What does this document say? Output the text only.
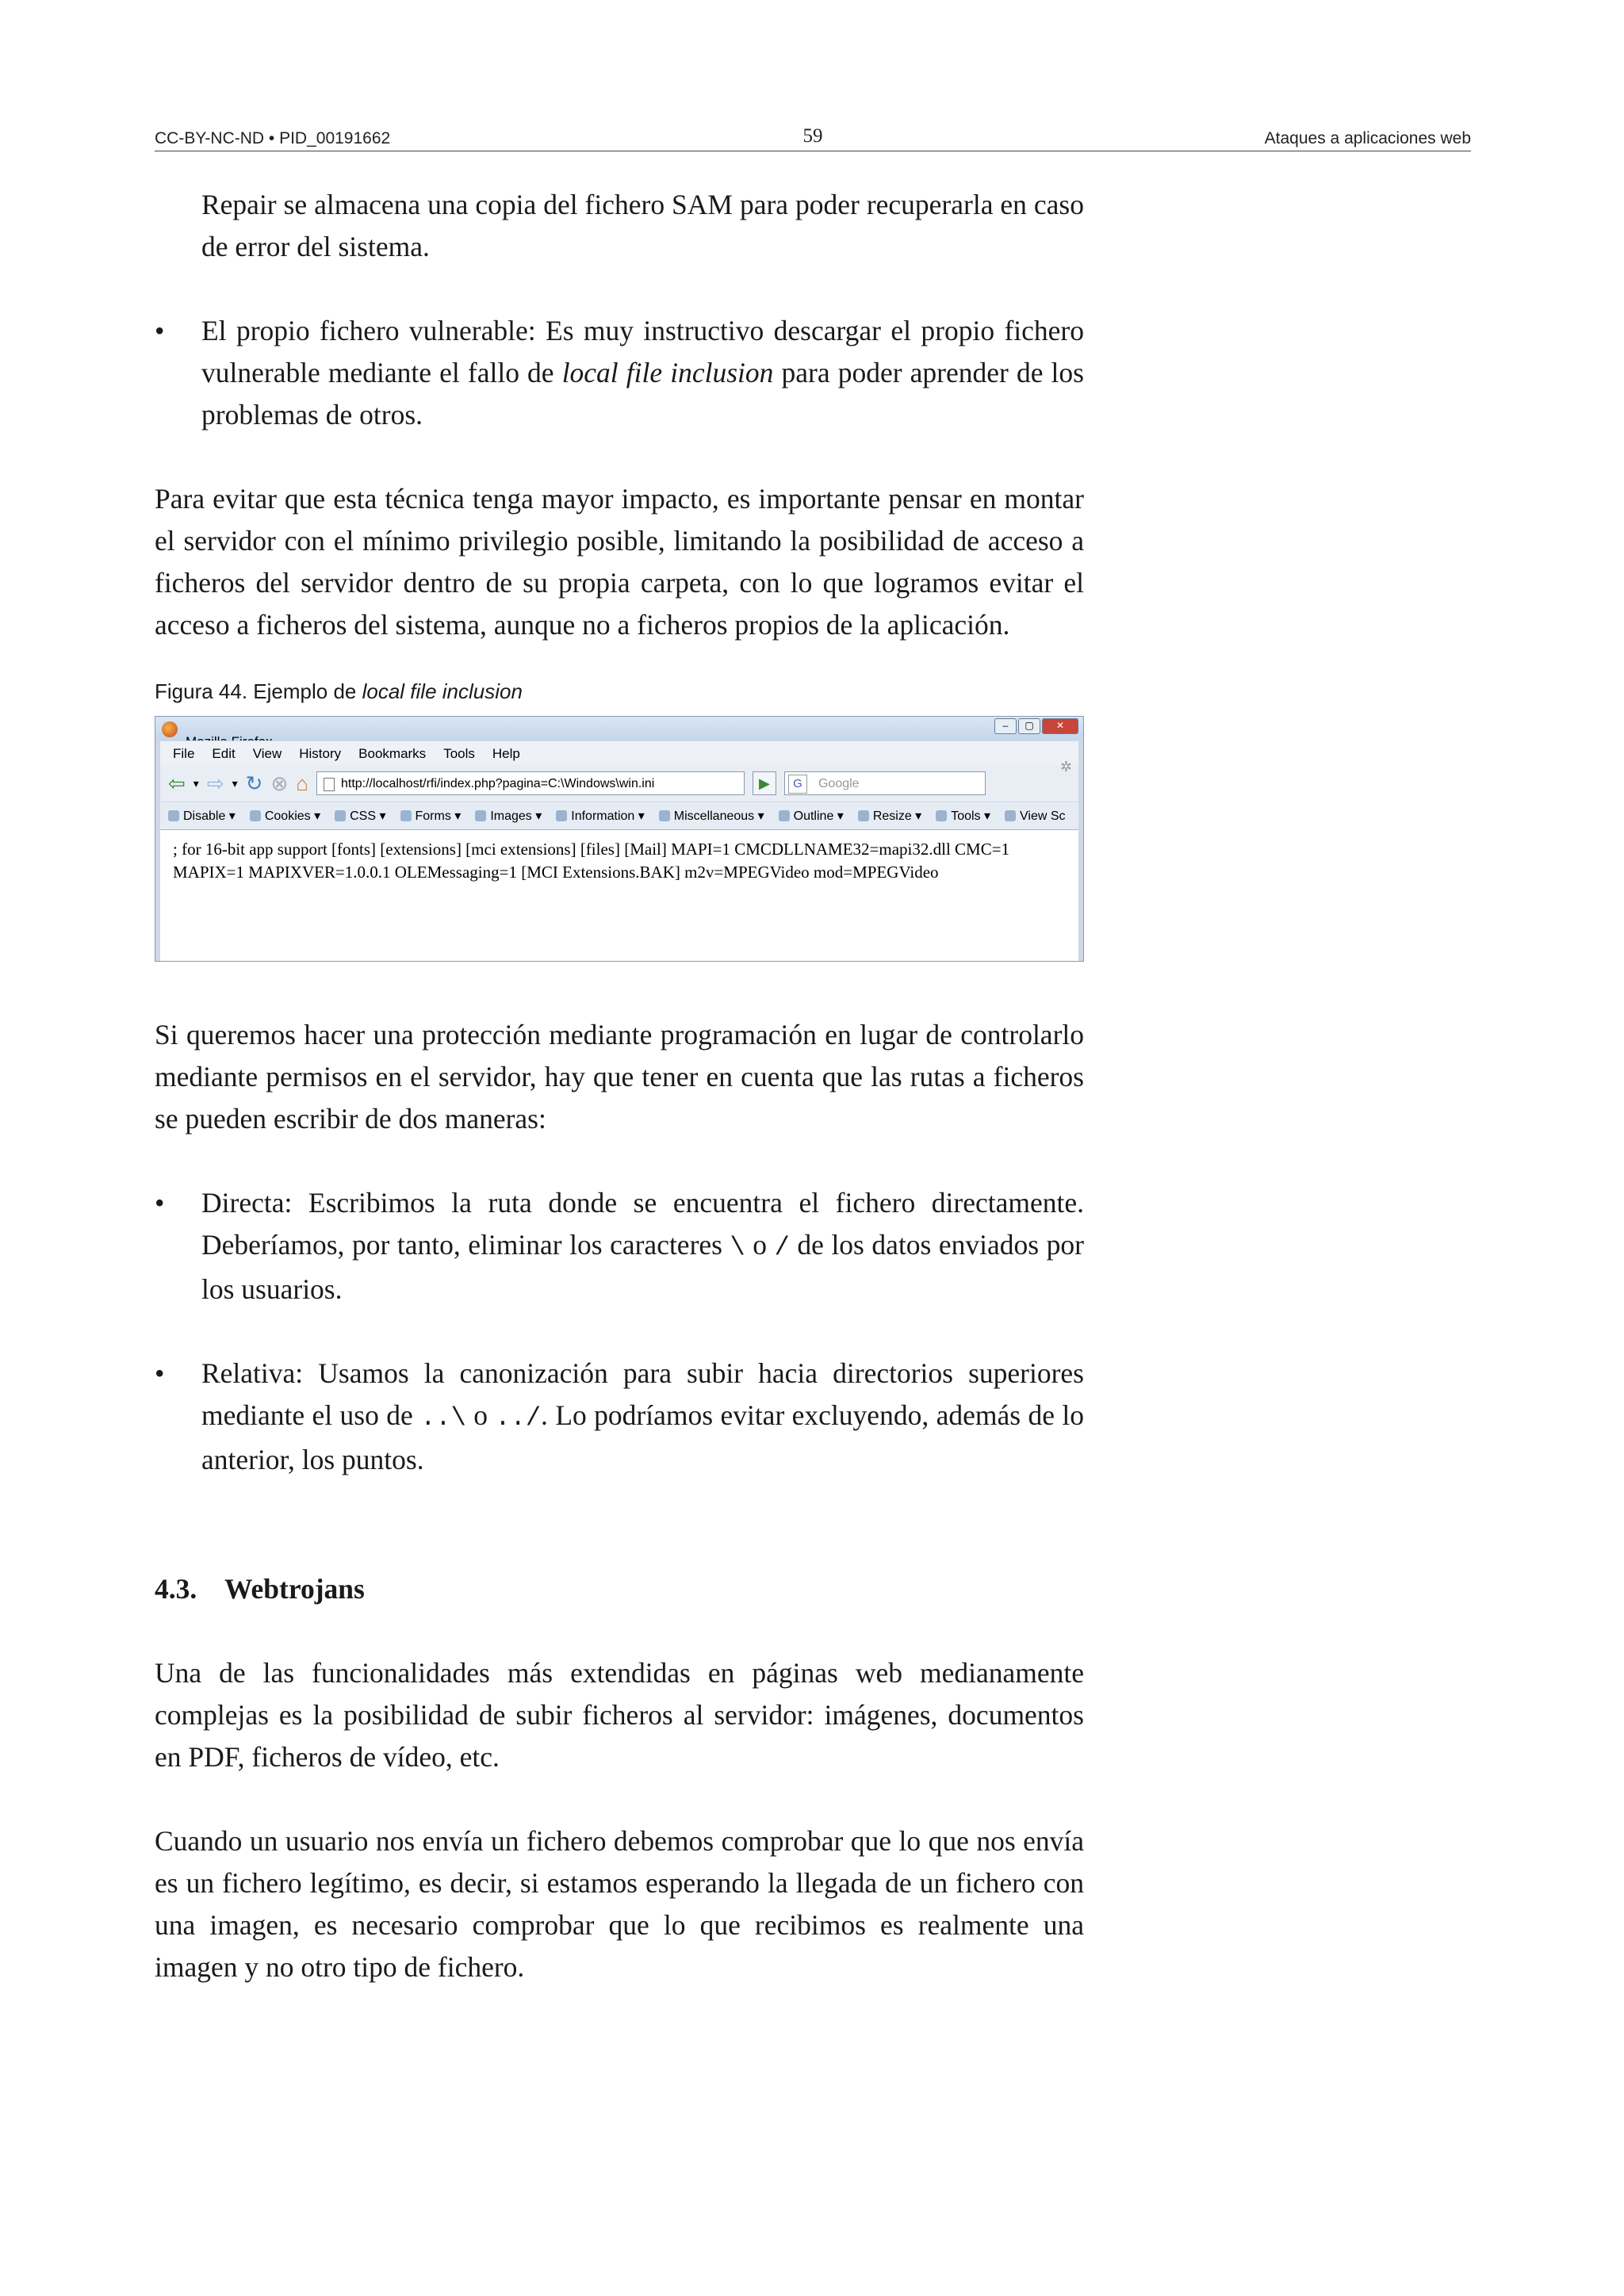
CC-BY-NC-ND • PID_00191662	59	Ataques a aplicaciones web

Repair se almacena una copia del fichero SAM para poder recuperarla en caso de error del sistema.

• El propio fichero vulnerable: Es muy instructivo descargar el propio fichero vulnerable mediante el fallo de local file inclusion para poder aprender de los problemas de otros.

Para evitar que esta técnica tenga mayor impacto, es importante pensar en montar el servidor con el mínimo privilegio posible, limitando la posibilidad de acceso a ficheros del servidor dentro de su propia carpeta, con lo que logramos evitar el acceso a ficheros del sistema, aunque no a ficheros propios de la aplicación.

Figura 44. Ejemplo de local file inclusion
–	▢	✕
File Edit View History Bookmarks Tools Help
✲
⇦ ▾ ⇨ ▾ ↻ ⊗ ⌂	http://localhost/rfi/index.php?pagina=C:\Windows\win.ini	▶	G	Google
Disable ▾	Cookies ▾	CSS ▾	Forms ▾	Images ▾	Information ▾	Miscellaneous ▾	Outline ▾	Resize ▾	Tools ▾	View Sc
; for 16-bit app support [fonts] [extensions] [mci extensions] [files] [Mail] MAPI=1 CMCDLLNAME32=mapi32.dll CMC=1
MAPIX=1 MAPIXVER=1.0.0.1 OLEMessaging=1 [MCI Extensions.BAK] m2v=MPEGVideo mod=MPEGVideo

Si queremos hacer una protección mediante programación en lugar de controlarlo mediante permisos en el servidor, hay que tener en cuenta que las rutas a ficheros se pueden escribir de dos maneras:

• Directa: Escribimos la ruta donde se encuentra el fichero directamente. Deberíamos, por tanto, eliminar los caracteres \ o / de los datos enviados por los usuarios.

• Relativa: Usamos la canonización para subir hacia directorios superiores mediante el uso de ..\ o ../. Lo podríamos evitar excluyendo, además de lo anterior, los puntos.

4.3. Webtrojans

Una de las funcionalidades más extendidas en páginas web medianamente complejas es la posibilidad de subir ficheros al servidor: imágenes, documentos en PDF, ficheros de vídeo, etc.

Cuando un usuario nos envía un fichero debemos comprobar que lo que nos envía es un fichero legítimo, es decir, si estamos esperando la llegada de un fichero con una imagen, es necesario comprobar que lo que recibimos es realmente una imagen y no otro tipo de fichero.
